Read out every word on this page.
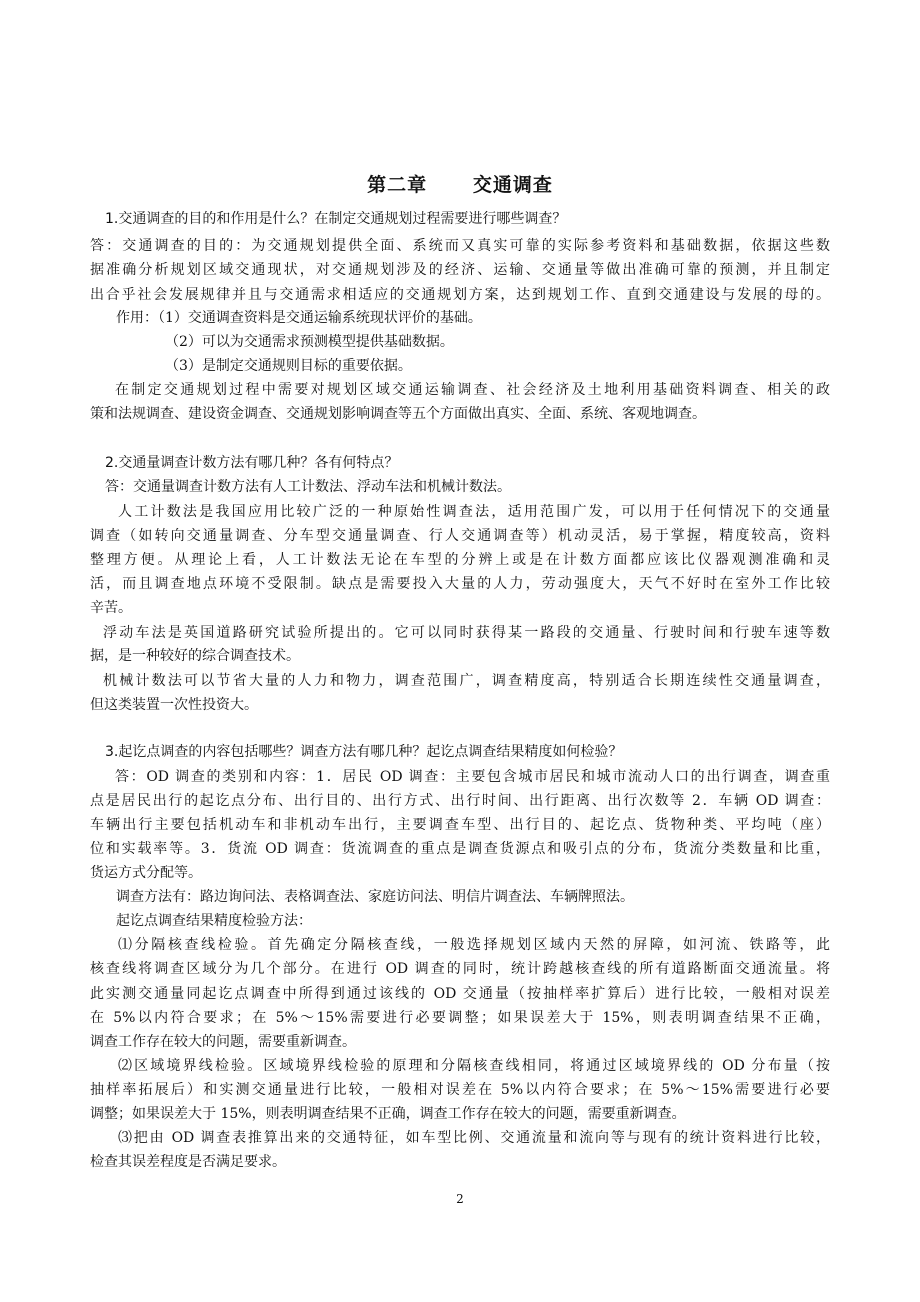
第二章      交通调查
1.交通调查的目的和作用是什么？在制定交通规划过程需要进行哪些调查？
答：交通调查的目的：为交通规划提供全面、系统而又真实可靠的实际参考资料和基础数据，依据这些数
据准确分析规划区域交通现状，对交通规划涉及的经济、运输、交通量等做出准确可靠的预测，并且制定
出合乎社会发展规律并且与交通需求相适应的交通规划方案，达到规划工作、直到交通建设与发展的母的。
作用：（1）交通调查资料是交通运输系统现状评价的基础。
（2）可以为交通需求预测模型提供基础数据。
（3）是制定交通规则目标的重要依据。
在制定交通规划过程中需要对规划区域交通运输调查、社会经济及土地利用基础资料调查、相关的政
策和法规调查、建设资金调查、交通规划影响调查等五个方面做出真实、全面、系统、客观地调查。
2.交通量调查计数方法有哪几种？各有何特点？
答：交通量调查计数方法有人工计数法、浮动车法和机械计数法。
人工计数法是我国应用比较广泛的一种原始性调查法，适用范围广发，可以用于任何情况下的交通量
调查（如转向交通量调查、分车型交通量调查、行人交通调查等）机动灵活，易于掌握，精度较高，资料
整理方便。从理论上看，人工计数法无论在车型的分辨上或是在计数方面都应该比仪器观测准确和灵
活，而且调查地点环境不受限制。缺点是需要投入大量的人力，劳动强度大，天气不好时在室外工作比较
辛苦。
浮动车法是英国道路研究试验所提出的。它可以同时获得某一路段的交通量、行驶时间和行驶车速等数
据，是一种较好的综合调查技术。
机械计数法可以节省大量的人力和物力，调查范围广，调查精度高，特别适合长期连续性交通量调查，
但这类装置一次性投资大。
3.起讫点调查的内容包括哪些？调查方法有哪几种？起讫点调查结果精度如何检验？
答：OD 调查的类别和内容：1．居民 OD 调查：主要包含城市居民和城市流动人口的出行调查，调查重
点是居民出行的起讫点分布、出行目的、出行方式、出行时间、出行距离、出行次数等 2．车辆 OD 调查：
车辆出行主要包括机动车和非机动车出行，主要调查车型、出行目的、起讫点、货物种类、平均吨（座）
位和实载率等。3．货流 OD 调查：货流调查的重点是调查货源点和吸引点的分布，货流分类数量和比重，
货运方式分配等。
调查方法有：路边询问法、表格调查法、家庭访问法、明信片调查法、车辆牌照法。
起讫点调查结果精度检验方法：
⑴分隔核查线检验。首先确定分隔核查线，一般选择规划区域内天然的屏障，如河流、铁路等，此
核查线将调查区域分为几个部分。在进行 OD 调查的同时，统计跨越核查线的所有道路断面交通流量。将
此实测交通量同起讫点调查中所得到通过该线的 OD 交通量（按抽样率扩算后）进行比较，一般相对误差
在 5%以内符合要求；在 5%～15%需要进行必要调整；如果误差大于 15%，则表明调查结果不正确，
调查工作存在较大的问题，需要重新调查。
⑵区域境界线检验。区域境界线检验的原理和分隔核查线相同，将通过区域境界线的 OD 分布量（按
抽样率拓展后）和实测交通量进行比较，一般相对误差在 5%以内符合要求；在 5%～15%需要进行必要
调整；如果误差大于 15%，则表明调查结果不正确，调查工作存在较大的问题，需要重新调查。
⑶把由 OD 调查表推算出来的交通特征，如车型比例、交通流量和流向等与现有的统计资料进行比较，
检查其误差程度是否满足要求。
2
